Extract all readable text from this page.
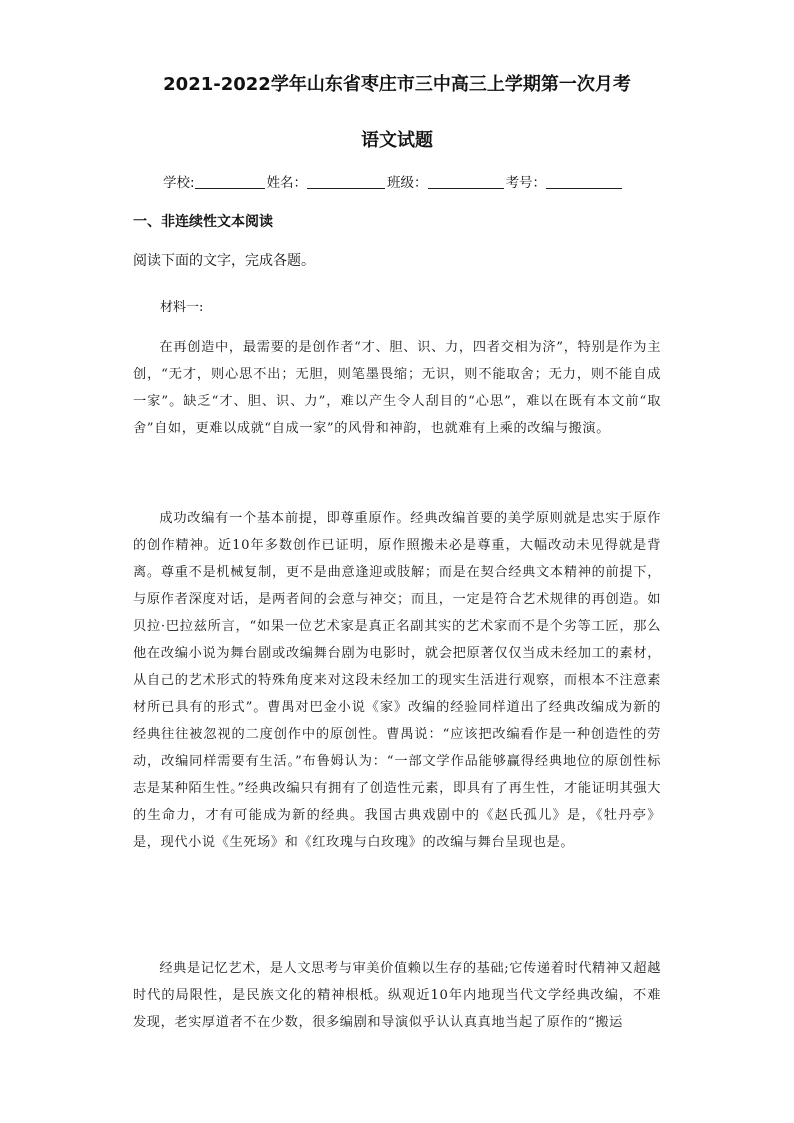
2021-2022学年山东省枣庄市三中高三上学期第一次月考
语文试题
学校:	姓名：	班级：	考号：
一、非连续性文本阅读
阅读下面的文字，完成各题。
材料一:
在再创造中，最需要的是创作者“才、胆、识、力，四者交相为济”，特别是作为主创，“无才，则心思不出；无胆，则笔墨畏缩；无识，则不能取舍；无力，则不能自成一家”。缺乏“才、胆、识、力”，难以产生令人刮目的“心思”，难以在既有本文前“取舍”自如，更难以成就“自成一家”的风骨和神韵，也就难有上乘的改编与搬演。
成功改编有一个基本前提，即尊重原作。经典改编首要的美学原则就是忠实于原作的创作精神。近10年多数创作已证明，原作照搬未必是尊重，大幅改动未见得就是背离。尊重不是机械复制，更不是曲意逢迎或肢解；而是在契合经典文本精神的前提下，与原作者深度对话，是两者间的会意与神交；而且，一定是符合艺术规律的再创造。如贝拉·巴拉兹所言，“如果一位艺术家是真正名副其实的艺术家而不是个劣等工匠，那么他在改编小说为舞台剧或改编舞台剧为电影时，就会把原著仅仅当成未经加工的素材，从自己的艺术形式的特殊角度来对这段未经加工的现实生活进行观察，而根本不注意素材所已具有的形式”。曹禺对巴金小说《家》改编的经验同样道出了经典改编成为新的经典往往被忽视的二度创作中的原创性。曹禺说：“应该把改编看作是一种创造性的劳动，改编同样需要有生活。”布鲁姆认为：“一部文学作品能够赢得经典地位的原创性标志是某种陌生性。”经典改编只有拥有了创造性元素，即具有了再生性，才能证明其强大的生命力，才有可能成为新的经典。我国古典戏剧中的《赵氏孤儿》是，《牡丹亭》是，现代小说《生死场》和《红玫瑰与白玫瑰》的改编与舞台呈现也是。
经典是记忆艺术，是人文思考与审美价值赖以生存的基础;它传递着时代精神又超越时代的局限性，是民族文化的精神根柢。纵观近10年内地现当代文学经典改编，不难发现，老实厚道者不在少数，很多编剧和导演似乎认认真真地当起了原作的“搬运
